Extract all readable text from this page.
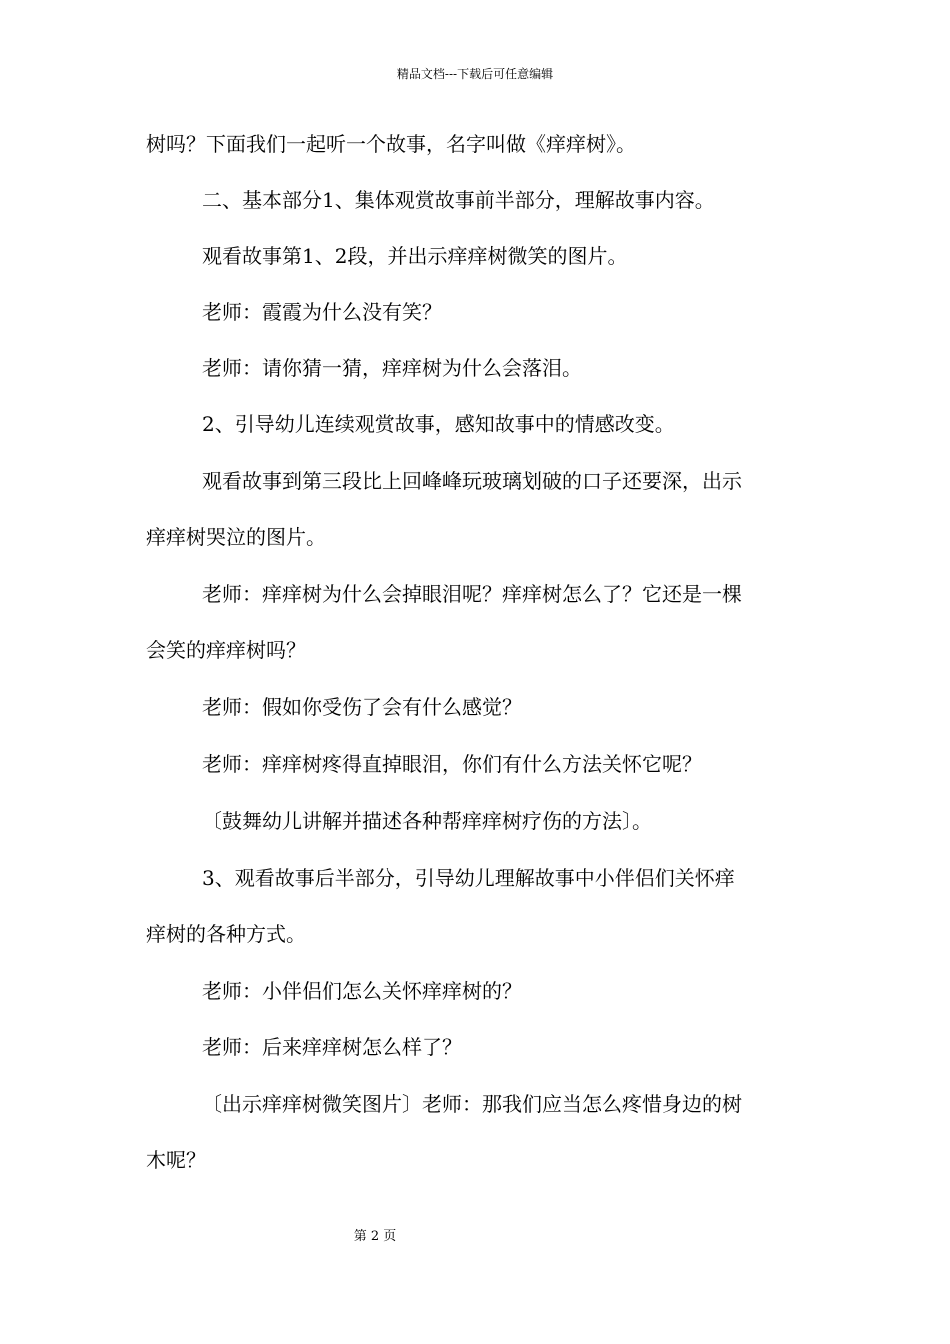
精品文档---下载后可任意编辑
树吗？下面我们一起听一个故事，名字叫做《痒痒树》。
二、基本部分1、集体观赏故事前半部分，理解故事内容。
观看故事第1、2段，并出示痒痒树微笑的图片。
老师：霞霞为什么没有笑？
老师：请你猜一猜，痒痒树为什么会落泪。
2、引导幼儿连续观赏故事，感知故事中的情感改变。
观看故事到第三段比上回峰峰玩玻璃划破的口子还要深，出示
痒痒树哭泣的图片。
老师：痒痒树为什么会掉眼泪呢？痒痒树怎么了？它还是一棵
会笑的痒痒树吗？
老师：假如你受伤了会有什么感觉？
老师：痒痒树疼得直掉眼泪，你们有什么方法关怀它呢？
〔鼓舞幼儿讲解并描述各种帮痒痒树疗伤的方法〕。
3、观看故事后半部分，引导幼儿理解故事中小伴侣们关怀痒
痒树的各种方式。
老师：小伴侣们怎么关怀痒痒树的？
老师：后来痒痒树怎么样了？
〔出示痒痒树微笑图片〕老师：那我们应当怎么疼惜身边的树
木呢？
第 2 页
